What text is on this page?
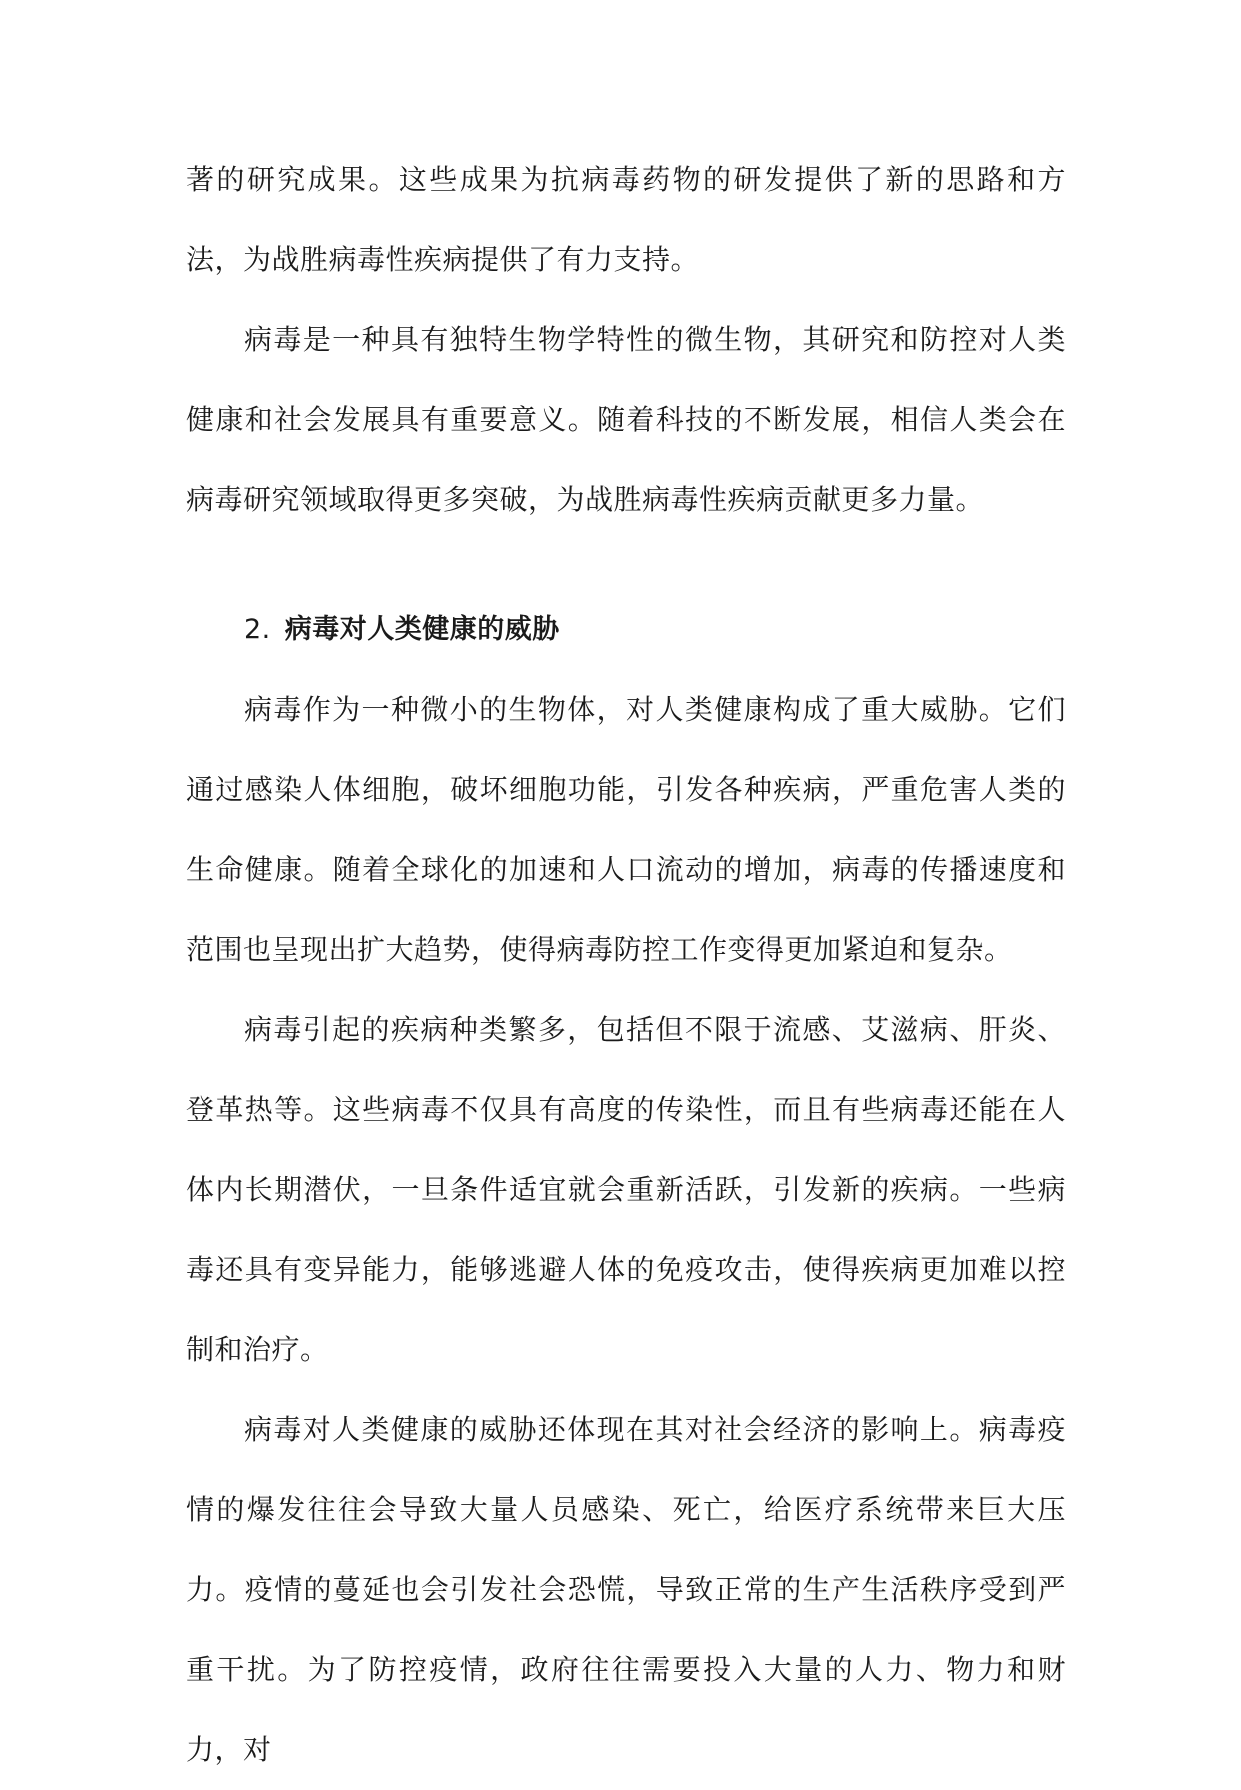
著的研究成果。这些成果为抗病毒药物的研发提供了新的思路和方法，为战胜病毒性疾病提供了有力支持。

病毒是一种具有独特生物学特性的微生物，其研究和防控对人类健康和社会发展具有重要意义。随着科技的不断发展，相信人类会在病毒研究领域取得更多突破，为战胜病毒性疾病贡献更多力量。

2. 病毒对人类健康的威胁

病毒作为一种微小的生物体，对人类健康构成了重大威胁。它们通过感染人体细胞，破坏细胞功能，引发各种疾病，严重危害人类的生命健康。随着全球化的加速和人口流动的增加，病毒的传播速度和范围也呈现出扩大趋势，使得病毒防控工作变得更加紧迫和复杂。

病毒引起的疾病种类繁多，包括但不限于流感、艾滋病、肝炎、登革热等。这些病毒不仅具有高度的传染性，而且有些病毒还能在人体内长期潜伏，一旦条件适宜就会重新活跃，引发新的疾病。一些病毒还具有变异能力，能够逃避人体的免疫攻击，使得疾病更加难以控制和治疗。

病毒对人类健康的威胁还体现在其对社会经济的影响上。病毒疫情的爆发往往会导致大量人员感染、死亡，给医疗系统带来巨大压力。疫情的蔓延也会引发社会恐慌，导致正常的生产生活秩序受到严重干扰。为了防控疫情，政府往往需要投入大量的人力、物力和财力，对
